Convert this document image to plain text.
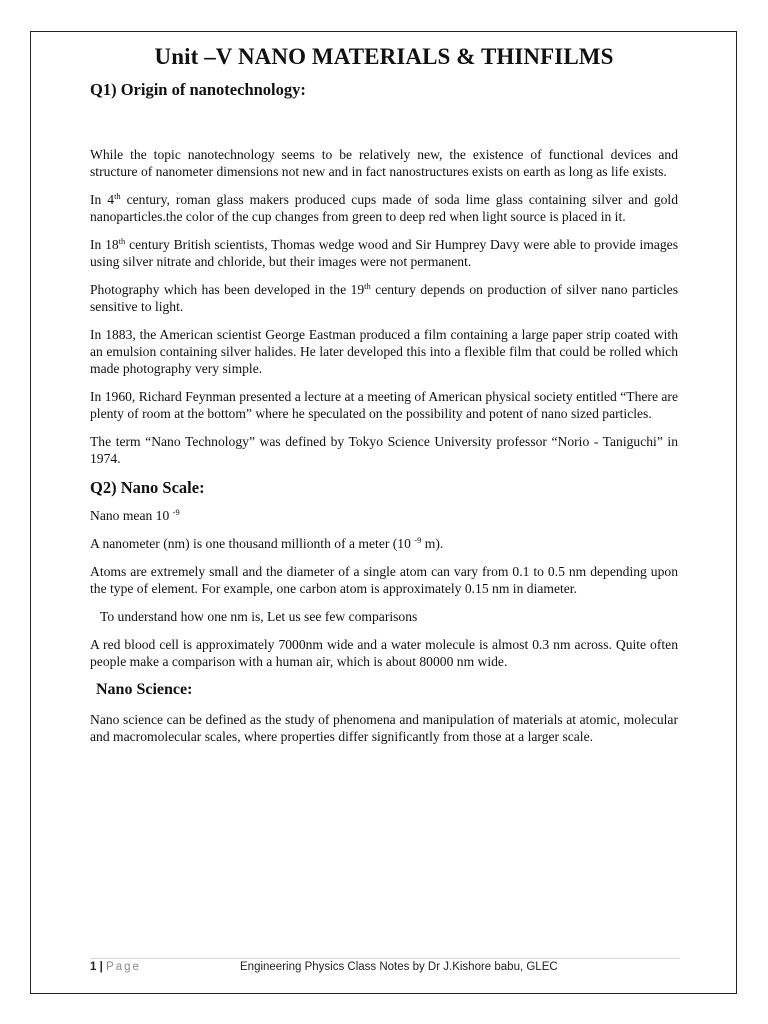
Unit –V NANO MATERIALS & THINFILMS
Q1) Origin of nanotechnology:

While the topic nanotechnology seems to be relatively new, the existence of functional devices and structure of nanometer dimensions not new and in fact nanostructures exists on earth as long as life exists.

In 4th century, roman glass makers produced cups made of soda lime glass containing silver and gold nanoparticles.the color of the cup changes from green to deep red when light source is placed in it.

In 18th century British scientists, Thomas wedge wood and Sir Humprey Davy were able to provide images using silver nitrate and chloride, but their images were not permanent.

Photography which has been developed in the 19th century depends on production of silver nano particles sensitive to light.

In 1883, the American scientist George Eastman produced a film containing a large paper strip coated with an emulsion containing silver halides. He later developed this into a flexible film that could be rolled which made photography very simple.

In 1960, Richard Feynman presented a lecture at a meeting of American physical society entitled “There are plenty of room at the bottom” where he speculated on the possibility and potent of nano sized particles.

The term “Nano Technology” was defined by Tokyo Science University professor “Norio - Taniguchi” in 1974.

Q2) Nano Scale:

Nano mean 10 $^{-9}$

A nanometer (nm) is one thousand millionth of a meter (10 $^{-9}$ m).

Atoms are extremely small and the diameter of a single atom can vary from 0.1 to 0.5 nm depending upon the type of element. For example, one carbon atom is approximately 0.15 nm in diameter.

To understand how one nm is, Let us see few comparisons

A red blood cell is approximately 7000nm wide and a water molecule is almost 0.3 nm across. Quite often people make a comparison with a human air, which is about 80000 nm wide.

Nano Science:

Nano science can be defined as the study of phenomena and manipulation of materials at atomic, molecular and macromolecular scales, where properties differ significantly from those at a larger scale.

1 | Page	Engineering Physics Class Notes by Dr J.Kishore babu, GLEC
